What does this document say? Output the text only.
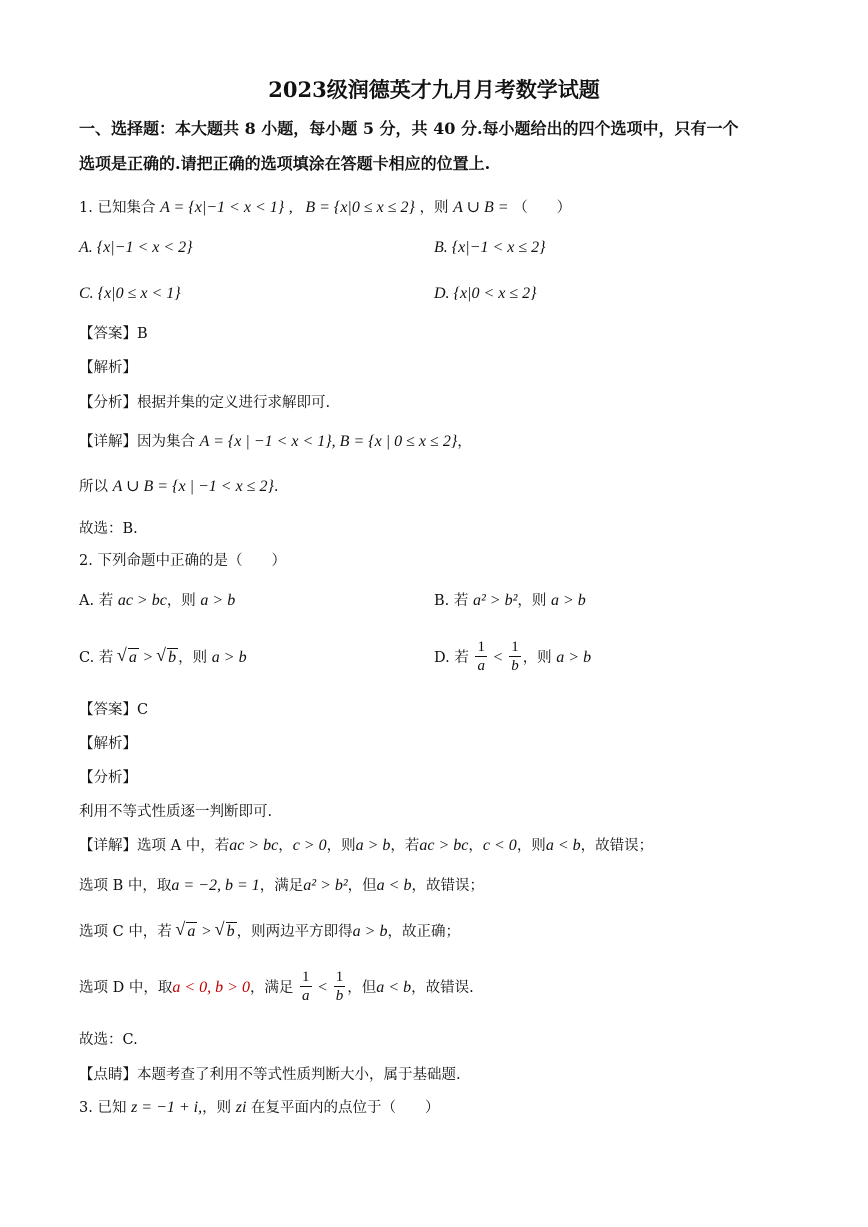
2023级润德英才九月月考数学试题
一、选择题：本大题共 8 小题，每小题 5 分，共 40 分.每小题给出的四个选项中，只有一个
选项是正确的.请把正确的选项填涂在答题卡相应的位置上.
1. 已知集合 A = {x|−1 < x < 1} ,   B = {x|0 ≤ x ≤ 2} ，则 A ∪ B = （　　）
A. {x|−1 < x < 2}	B. {x|−1 < x ≤ 2}
C. {x|0 ≤ x < 1}	D. {x|0 < x ≤ 2}
【答案】B
【解析】
【分析】根据并集的定义进行求解即可.
【详解】因为集合 A = {x | −1 < x < 1}, B = {x | 0 ≤ x ≤ 2}，
所以 A ∪ B = {x | −1 < x ≤ 2}.
故选：B.
2. 下列命题中正确的是（　　）
A. 若 ac > bc，则 a > b	B. 若 a² > b²，则 a > b
C. 若 √ a > √ b ，则 a > b	D. 若 $\frac{1}{a} < \frac{1}{b}$ ，则 a > b
【答案】C
【解析】
【分析】
利用不等式性质逐一判断即可.
【详解】选项 A 中，若ac > bc，c > 0，则a > b，若ac > bc，c < 0，则a < b，故错误；
选项 B 中，取a = −2, b = 1，满足a² > b²，但a < b，故错误；
选项 C 中，若 √ a > √ b ，则两边平方即得a > b，故正确；
选项 D 中，取a < 0, b > 0，满足 $\frac{1}{a} < \frac{1}{b}$ ，但a < b，故错误.
故选：C.
【点睛】本题考查了利用不等式性质判断大小，属于基础题.
3. 已知 z = −1 + i,，则 zi 在复平面内的点位于（　　）
